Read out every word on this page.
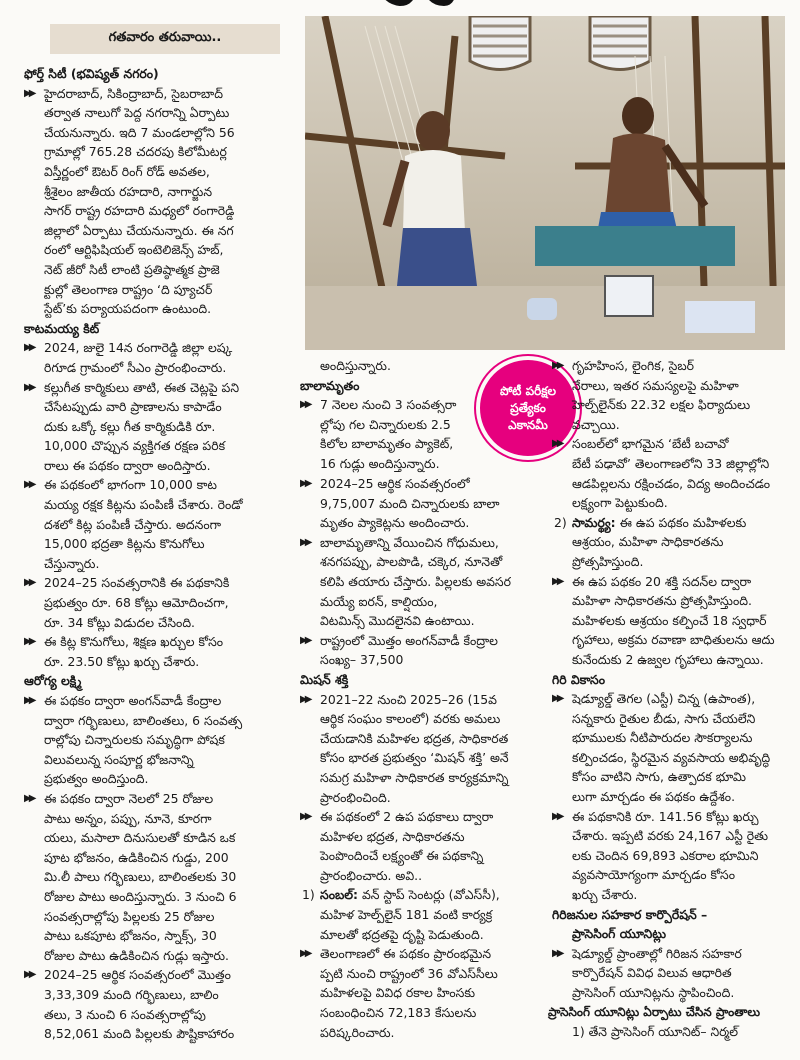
గతవారం తరువాయి..

ఫోర్త్ సిటీ (భవిష్యత్ నగరం)

▶▶ హైదరాబాద్, సికింద్రాబాద్, సైబరాబాద్
తర్వాత నాలుగో పెద్ద నగరాన్ని ఏర్పాటు
చేయనున్నారు. ఇది 7 మండలాల్లోని 56
గ్రామాల్లో 765.28 చదరపు కిలోమీటర్ల
విస్తీర్ణంలో ఔటర్ రింగ్ రోడ్ అవతల,
శ్రీశైలం జాతీయ రహదారి, నాగార్జున
సాగర్ రాష్ట్ర రహదారి మధ్యలో రంగారెడ్డి
జిల్లాలో ఏర్పాటు చేయనున్నారు. ఈ నగ
రంలో ఆర్టిఫిషియల్ ఇంటెలిజెన్స్ హబ్,
నెట్ జీరో సిటీ లాంటి ప్రతిష్ఠాత్మక ప్రాజె
క్టుల్లో తెలంగాణ రాష్ట్రం ‘ది ప్యూచర్
స్టేట్’కు పర్యాయపదంగా ఉంటుంది.

కాటమయ్య కిట్

▶▶ 2024, జులై 14న రంగారెడ్డి జిల్లా లష్క
రిగూడ గ్రామంలో సీఎం ప్రారంభించారు.
▶▶ కల్లుగీత కార్మికులు తాటి, ఈత చెట్లపై పని
చేసేటప్పుడు వారి ప్రాణాలను కాపాడేం
దుకు ఒక్కో కల్లు గీత కార్మికుడికి రూ.
10,000 చొప్పున వ్యక్తిగత రక్షణ పరిక
రాలు ఈ పథకం ద్వారా అందిస్తారు.
▶▶ ఈ పథకంలో భాగంగా 10,000 కాట
మయ్య రక్షక కిట్లను పంపిణీ చేశారు. రెండో
దశలో కిట్ల పంపిణీ చేస్తారు. అదనంగా
15,000 భద్రతా కిట్లను కొనుగోలు
చేస్తున్నారు.
▶▶ 2024–25 సంవత్సరానికి ఈ పథకానికి
ప్రభుత్వం రూ. 68 కోట్లు ఆమోదించగా,
రూ. 34 కోట్లు విడుదల చేసింది.
▶▶ ఈ కిట్ల కొనుగోలు, శిక్షణ ఖర్చుల కోసం
రూ. 23.50 కోట్లు ఖర్చు చేశారు.

ఆరోగ్య లక్ష్మి

▶▶ ఈ పథకం ద్వారా అంగన్‌వాడీ కేంద్రాల
ద్వారా గర్భిణులు, బాలింతలు, 6 సంవత్స
రాల్లోపు చిన్నారులకు సమృద్ధిగా పోషక
విలువలున్న సంపూర్ణ భోజనాన్ని
ప్రభుత్వం అందిస్తుంది.
▶▶ ఈ పథకం ద్వారా నెలలో 25 రోజుల
పాటు అన్నం, పప్పు, నూనె, కూరగా
యలు, మసాలా దినుసులతో కూడిన ఒక
పూట భోజనం, ఉడికించిన గుడ్డు, 200
మి.లీ పాలు గర్భిణులు, బాలింతలకు 30
రోజుల పాటు అందిస్తున్నారు. 3 నుంచి 6
సంవత్సరాల్లోపు పిల్లలకు 25 రోజుల
పాటు ఒకపూట భోజనం, స్నాక్స్, 30
రోజుల పాటు ఉడికించిన గుడ్లు ఇస్తారు.
▶▶ 2024–25 ఆర్థిక సంవత్సరంలో మొత్తం
3,33,309 మంది గర్భిణులు, బాలిం
తలు, 3 నుంచి 6 సంవత్సరాల్లోపు
8,52,061 మంది పిల్లలకు పౌష్టికాహారం
పోటీ పరీక్షల
ప్రత్యేకం
ఎకానమీ

అందిస్తున్నారు.

బాలామృతం

▶▶ 7 నెలల నుంచి 3 సంవత్సరా
ల్లోపు గల చిన్నారులకు 2.5
కిలోల బాలామృతం ప్యాకెట్,
16 గుడ్లు అందిస్తున్నారు.
▶▶ 2024–25 ఆర్థిక సంవత్సరంలో
9,75,007 మంది చిన్నారులకు బాలా
మృతం ప్యాకెట్లను అందించారు.
▶▶ బాలామృతాన్ని వేయించిన గోధుమలు,
శనగపప్పు, పాలపొడి, చక్కెర, నూనెతో
కలిపి తయారు చేస్తారు. పిల్లలకు అవసర
మయ్యే ఐరన్, కాల్షియం,
విటమిన్స్ మొదలైనవి ఉంటాయి.
▶▶ రాష్ట్రంలో మొత్తం అంగన్‌వాడీ కేంద్రాల
సంఖ్య– 37,500

మిషన్ శక్తి

▶▶ 2021–22 నుంచి 2025–26 (15వ
ఆర్థిక సంఘం కాలంలో) వరకు అమలు
చేయడానికి మహిళల భద్రత, సాధికారత
కోసం భారత ప్రభుత్వం ‘మిషన్ శక్తి’ అనే
సమగ్ర మహిళా సాధికారత కార్యక్రమాన్ని
ప్రారంభించింది.
▶▶ ఈ పథకంలో 2 ఉప పథకాలు ద్వారా
మహిళల భద్రత, సాధికారతను
పెంపొందించే లక్ష్యంతో ఈ పథకాన్ని
ప్రారంభించారు. అవి..
1) సంబల్: వన్ స్టాప్ సెంటర్లు (వోఎస్‌సీ),
మహిళ హెల్ప్‌లైన్ 181 వంటి కార్యక్ర
మాలతో భద్రతపై దృష్టి పెడుతుంది.
▶▶ తెలంగాణలో ఈ పథకం ప్రారంభమైన
ప్పటి నుంచి రాష్ట్రంలో 36 వోఎస్‌సీలు
మహిళలపై వివిధ రకాల హింసకు
సంబంధించిన 72,183 కేసులను
పరిష్కరించారు.
▶▶ గృహహింస, లైంగిక, సైబర్
నేరాలు, ఇతర సమస్యలపై మహిళా
హెల్ప్‌లైన్‌కు 22.32 లక్షల ఫిర్యాదులు
వచ్చాయి.
▶▶ సంబల్‌లో భాగమైన ‘బేటీ బచావో
బేటీ పఢావో’ తెలంగాణలోని 33 జిల్లాల్లోని
ఆడపిల్లలను రక్షించడం, విద్య అందించడం
లక్ష్యంగా పెట్టుకుంది.
2) సామర్థ్య: ఈ ఉప పథకం మహిళలకు
ఆశ్రయం, మహిళా సాధికారతను
ప్రోత్సహిస్తుంది.
▶▶ ఈ ఉప పథకం 20 శక్తి సదన్‌ల ద్వారా
మహిళా సాధికారతను ప్రోత్సహిస్తుంది.
మహిళలకు ఆశ్రయం కల్పించే 18 స్వధార్
గృహాలు, అక్రమ రవాణా బాధితులను ఆదు
కునేందుకు 2 ఉజ్వల గృహాలు ఉన్నాయి.

గిరి వికాసం

▶▶ షెడ్యూల్డ్ తెగల (ఎస్టీ) చిన్న (ఉపాంత),
సన్నకారు రైతుల బీడు, సాగు చేయలేని
భూములకు నీటిపారుదల సౌకర్యాలను
కల్పించడం, స్థిరమైన వ్యవసాయ అభివృద్ధి
కోసం వాటిని సాగు, ఉత్పాదక భూమి
లుగా మార్చడం ఈ పథకం ఉద్దేశం.
▶▶ ఈ పథకానికి రూ. 141.56 కోట్లు ఖర్చు
చేశారు. ఇప్పటి వరకు 24,167 ఎస్టీ రైతు
లకు చెందిన 69,893 ఎకరాల భూమిని
వ్యవసాయోగ్యంగా మార్చడం కోసం
ఖర్చు చేశారు.

గిరిజనుల సహకార కార్పొరేషన్ –

ప్రాసెసింగ్ యూనిట్లు

▶▶ షెడ్యూల్డ్ ప్రాంతాల్లో గిరిజన సహకార
కార్పొరేషన్ వివిధ విలువ ఆధారిత
ప్రాసెసింగ్ యూనిట్లను స్థాపించింది.

ప్రాసెసింగ్ యూనిట్లు ఏర్పాటు చేసిన ప్రాంతాలు

1) తేనె ప్రాసెసింగ్ యూనిట్– నిర్మల్
